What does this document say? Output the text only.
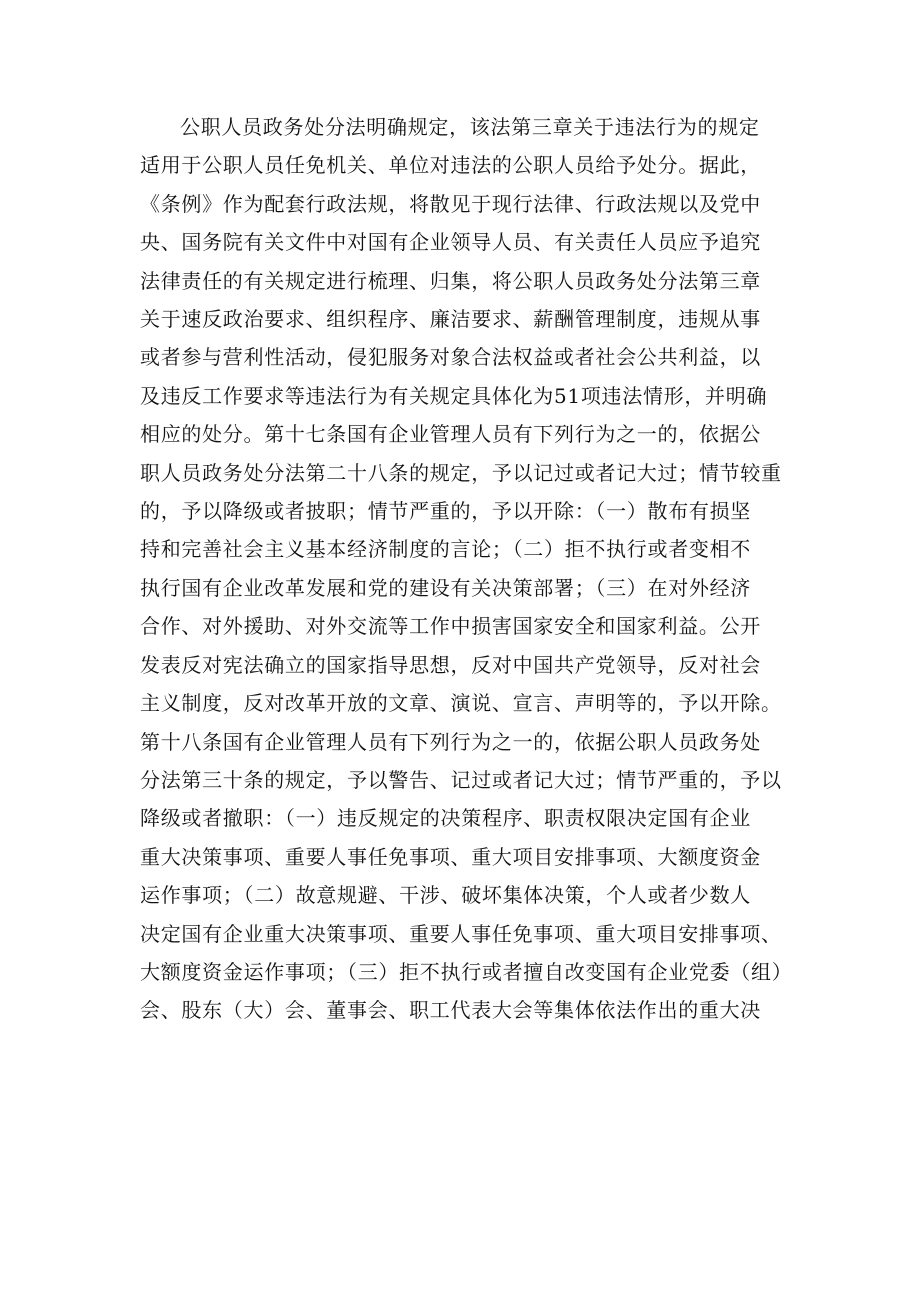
公职人员政务处分法明确规定，该法第三章关于违法行为的规定
适用于公职人员任免机关、单位对违法的公职人员给予处分。据此，
《条例》作为配套行政法规，将散见于现行法律、行政法规以及党中
央、国务院有关文件中对国有企业领导人员、有关责任人员应予追究
法律责任的有关规定进行梳理、归集，将公职人员政务处分法第三章
关于速反政治要求、组织程序、廉洁要求、薪酬管理制度，违规从事
或者参与营利性活动，侵犯服务对象合法权益或者社会公共利益，以
及违反工作要求等违法行为有关规定具体化为51项违法情形，并明确
相应的处分。第十七条国有企业管理人员有下列行为之一的，依据公
职人员政务处分法第二十八条的规定，予以记过或者记大过；情节较重
的，予以降级或者披职；情节严重的，予以开除：（一）散布有损坚
持和完善社会主义基本经济制度的言论；（二）拒不执行或者变相不
执行国有企业改革发展和党的建设有关决策部署；（三）在对外经济
合作、对外援助、对外交流等工作中损害国家安全和国家利益。公开
发表反对宪法确立的国家指导思想，反对中国共产党领导，反对社会
主义制度，反对改革开放的文章、演说、宣言、声明等的，予以开除。
第十八条国有企业管理人员有下列行为之一的，依据公职人员政务处
分法第三十条的规定，予以警告、记过或者记大过；情节严重的，予以
降级或者撤职：（一）违反规定的决策程序、职责权限决定国有企业
重大决策事项、重要人事任免事项、重大项目安排事项、大额度资金
运作事项；（二）故意规避、干涉、破坏集体决策，个人或者少数人
决定国有企业重大决策事项、重要人事任免事项、重大项目安排事项、
大额度资金运作事项；（三）拒不执行或者擅自改变国有企业党委（组）
会、股东（大）会、董事会、职工代表大会等集体依法作出的重大决
